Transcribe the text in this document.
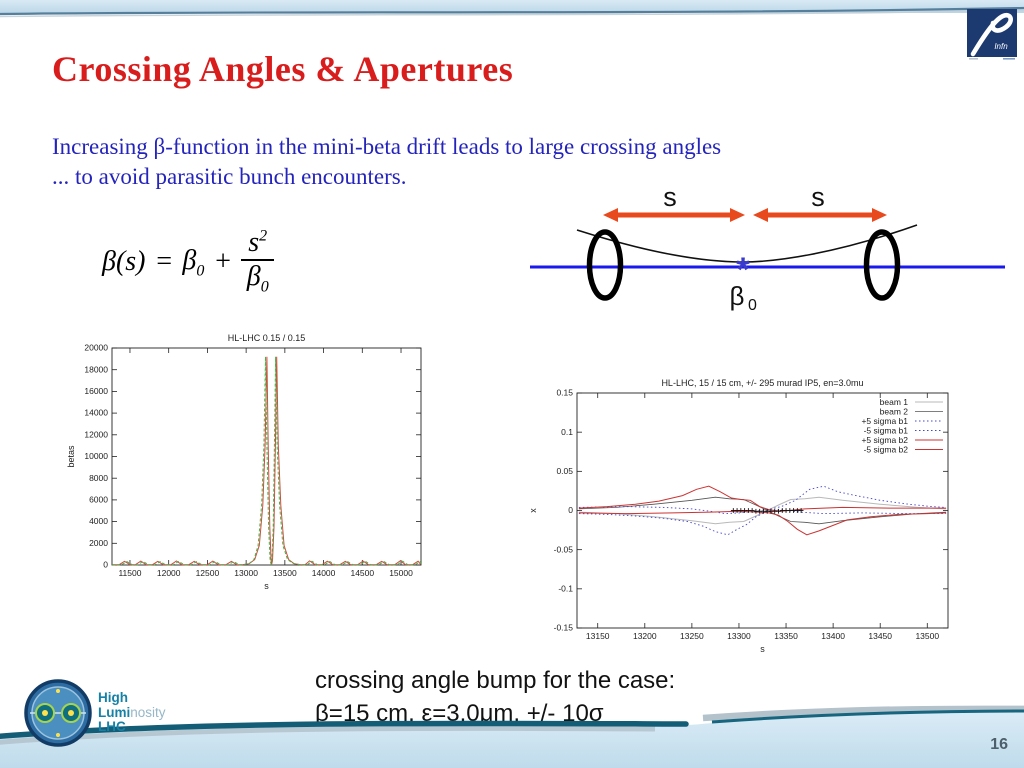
Infn
Crossing Angles & Apertures
Increasing β-function in the mini-beta drift leads to large crossing angles
... to avoid parasitic bunch encounters.
$\beta(s) = \beta_0 + \frac{s^2}{\beta_0}$
s	s
*
β 0
11500 12000 12500 13000 13500 14000 14500 15000
0
2000
4000
6000
8000
10000
12000
14000
16000
18000
20000
HL-LHC 0.15 / 0.15
s
betas
13150	13200	13250	13300	13350	13400	13450	13500
-0.15
-0.1
-0.05
0
0.05
0.1
0.15
HL-LHC, 15 / 15 cm, +/- 295 murad IP5, en=3.0mu
s
x
beam 1
beam 2
+5 sigma b1
-5 sigma b1
+5 sigma b2
-5 sigma b2
crossing angle bump for the case:
β=15 cm, ε=3.0μm, +/- 10σ
High
Luminosity
LHC
16
